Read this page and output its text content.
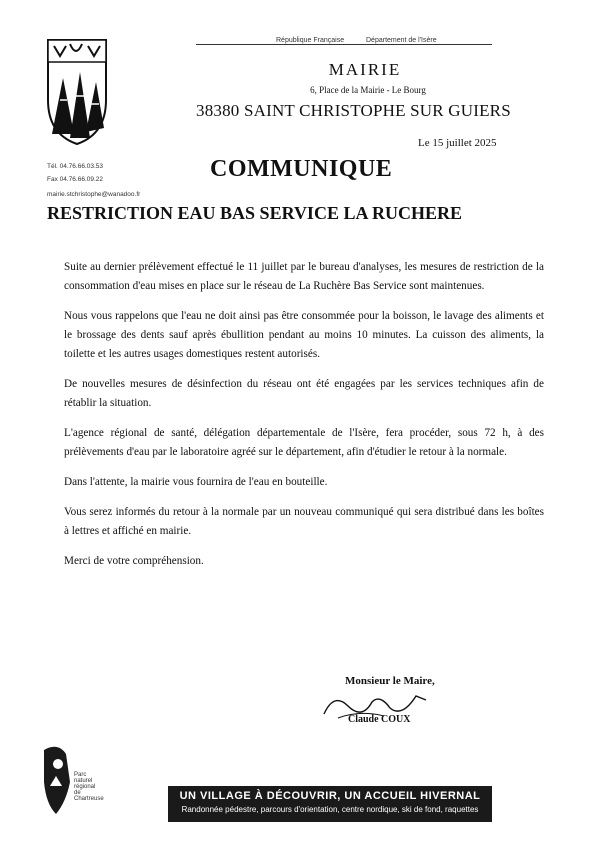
République Française	Département de l'Isère
MAIRIE
6, Place de la Mairie - Le Bourg
38380 SAINT CHRISTOPHE SUR GUIERS
Le 15 juillet 2025
Tél. 04.76.66.03.53
Fax 04.76.66.09.22
mairie.stchristophe@wanadoo.fr
COMMUNIQUE
RESTRICTION EAU BAS SERVICE LA RUCHERE

Suite au dernier prélèvement effectué le 11 juillet par le bureau d'analyses, les mesures de restriction de la consommation d'eau mises en place sur le réseau de La Ruchère Bas Service sont maintenues.

Nous vous rappelons que l'eau ne doit ainsi pas être consommée pour la boisson, le lavage des aliments et le brossage des dents sauf après ébullition pendant au moins 10 minutes. La cuisson des aliments, la toilette et les autres usages domestiques restent autorisés.

De nouvelles mesures de désinfection du réseau ont été engagées par les services techniques afin de rétablir la situation.

L'agence régional de santé, délégation départementale de l'Isère, fera procéder, sous 72 h, à des prélèvements d'eau par le laboratoire agréé sur le département, afin d'étudier le retour à la normale.

Dans l'attente, la mairie vous fournira de l'eau en bouteille.

Vous serez informés du retour à la normale par un nouveau communiqué qui sera distribué dans les boîtes à lettres et affiché en mairie.

Merci de votre compréhension.

Monsieur le Maire,
Claude COUX
Parc
naturel
régional
de Chartreuse	UN VILLAGE À DÉCOUVRIR, UN ACCUEIL HIVERNAL
Randonnée pédestre, parcours d'orientation, centre nordique, ski de fond, raquettes
